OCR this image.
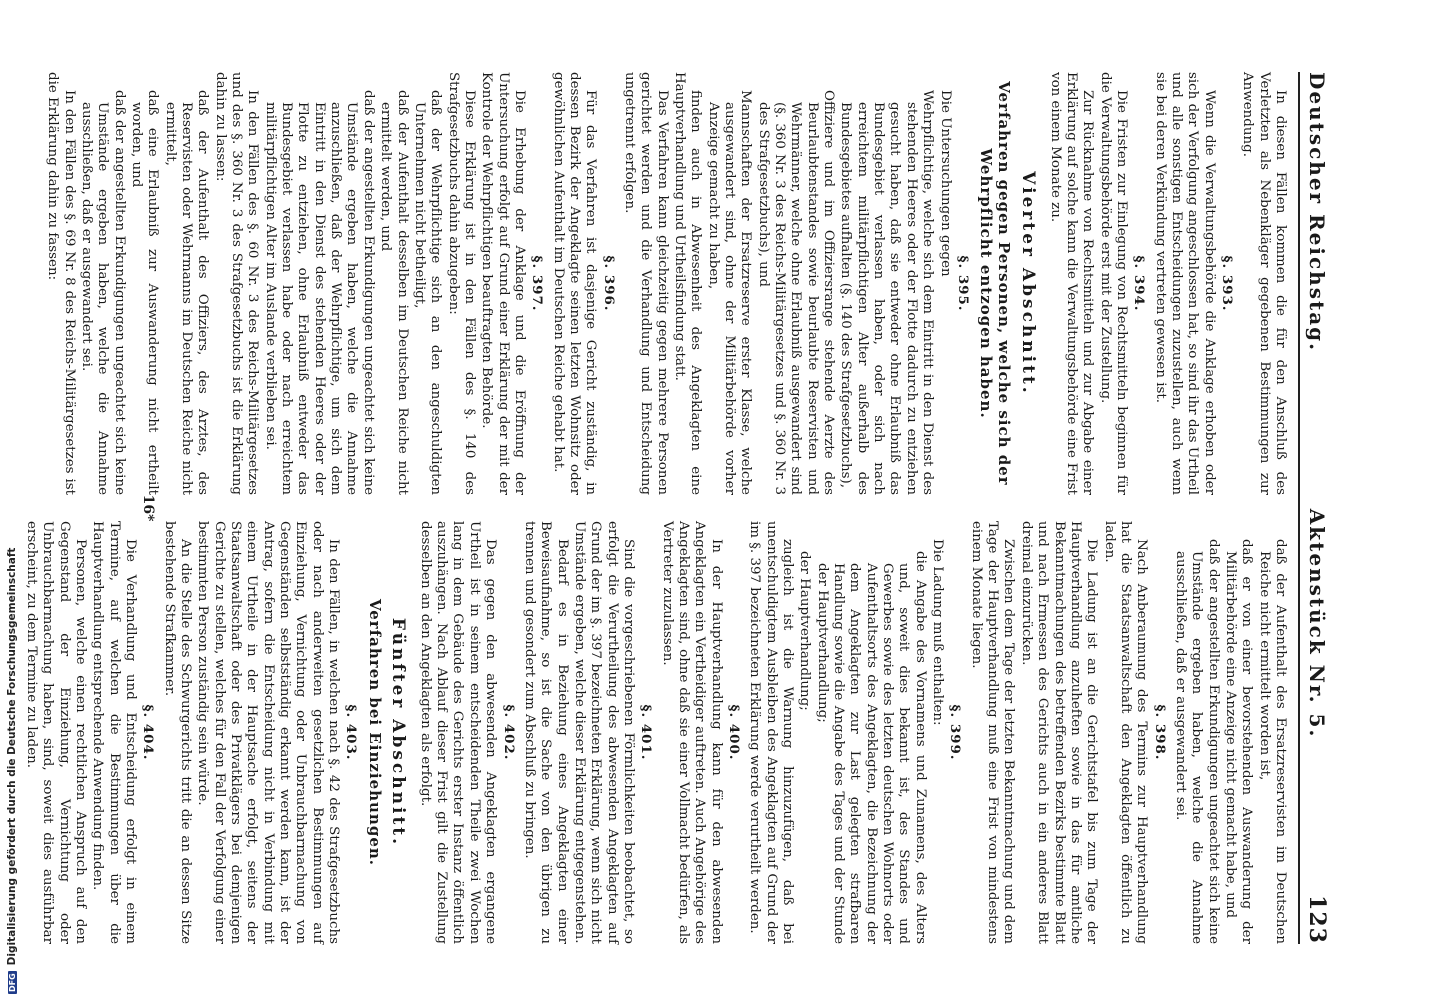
Deutscher Reichstag.
Aktenstück Nr. 5.
123

In diesen Fällen kommen die für den Anschluß des Verletzten als Nebenkläger gegebenen Bestimmungen zur Anwendung.

§. 393.

Wenn die Verwaltungsbehörde die Anklage erhoben oder sich der Verfolgung angeschlossen hat, so sind ihr das Urtheil und alle sonstigen Entscheidungen zuzustellen, auch wenn sie bei deren Verkündung vertreten gewesen ist.

§. 394.

Die Fristen zur Einlegung von Rechtsmitteln beginnen für die Verwaltungsbehörde erst mit der Zustellung.

Zur Rücknahme von Rechtsmitteln und zur Abgabe einer Erklärung auf solche kann die Verwaltungsbehörde eine Frist von einem Monate zu.

Vierter Abschnitt.

Verfahren gegen Personen, welche sich der Wehrpflicht entzogen haben.

§. 395.

Die Untersuchungen gegen

Wehrpflichtige, welche sich dem Eintritt in den Dienst des stehenden Heeres oder der Flotte dadurch zu entziehen gesucht haben, daß sie entweder ohne Erlaubniß das Bundesgebiet verlassen haben, oder sich nach erreichtem militärpflichtigen Alter außerhalb des Bundesgebietes aufhalten (§. 140 des Strafgesetzbuchs),

Offiziere und im Offiziersrange stehende Aerzte des Beurlaubtenstandes sowie beurlaubte Reservisten und Wehrmänner, welche ohne Erlaubniß ausgewandert sind (§. 360 Nr. 3 des Reichs-Militärgesetzes und §. 360 Nr. 3 des Strafgesetzbuchs), und

Mannschaften der Ersatzreserve erster Klasse, welche ausgewandert sind, ohne der Militärbehörde vorher Anzeige gemacht zu haben,

finden auch in Abwesenheit des Angeklagten eine Hauptverhandlung und Urtheilsfindung statt.

Das Verfahren kann gleichzeitig gegen mehrere Personen gerichtet werden und die Verhandlung und Entscheidung ungetrennt erfolgen.

§. 396.

Für das Verfahren ist dasjenige Gericht zuständig, in dessen Bezirk der Angeklagte seinen letzten Wohnsitz oder gewöhnlichen Aufenthalt im Deutschen Reiche gehabt hat.

§. 397.

Die Erhebung der Anklage und die Eröffnung der Untersuchung erfolgt auf Grund einer Erklärung der mit der Kontrole der Wehrpflichtigen beauftragten Behörde.

Diese Erklärung ist in den Fällen des §. 140 des Strafgesetzbuchs dahin abzugeben:

daß der Wehrpflichtige sich an den angeschuldigten Unternehmen nicht betheiligt,

daß der Aufenthalt desselben im Deutschen Reiche nicht ermittelt werden, und

daß der angestellten Erkundigungen ungeachtet sich keine Umstände ergeben haben, welche die Annahme anzuschließen, daß der Wehrpflichtige, um sich dem Eintritt in den Dienst des stehenden Heeres oder der Flotte zu entziehen, ohne Erlaubniß entweder das Bundesgebiet verlassen habe oder nach erreichtem militärpflichtigen Alter im Auslande verblieben sei.

In den Fällen des §. 60 Nr. 3 des Reichs-Militärgesetzes und des §. 360 Nr. 3 des Strafgesetzbuchs ist die Erklärung dahin zu lassen:

daß der Aufenthalt des Offiziers, des Arztes, des Reservisten oder Wehrmanns im Deutschen Reiche nicht ermittelt,

daß eine Erlaubniß zur Auswanderung nicht ertheilt worden, und

daß der angestellten Erkundigungen ungeachtet sich keine Umstände ergeben haben, welche die Annahme ausschließen, daß er ausgewandert sei.

In den Fällen des §. 69 Nr. 8 des Reichs-Militärgesetzes ist die Erklärung dahin zu fassen:

daß der Aufenthalt des Ersatzreservisten im Deutschen Reiche nicht ermittelt worden ist,

daß er von einer bevorstehenden Auswanderung der Militärbehörde eine Anzeige nicht gemacht habe, und

daß der angestellten Erkundigungen ungeachtet sich keine Umstände ergeben haben, welche die Annahme ausschließen, daß er ausgewandert sei.

§. 398.

Nach Anberaumung des Termins zur Hauptverhandlung hat die Staatsanwaltschaft den Angeklagten öffentlich zu laden.

Die Ladung ist an die Gerichtstafel bis zum Tage der Hauptverhandlung anzuheften sowie in das für amtliche Bekanntmachungen des betreffenden Bezirks bestimmte Blatt und nach Ermessen des Gerichts auch in ein anderes Blatt dreimal einzurücken.

Zwischen dem Tage der letzten Bekanntmachung und dem Tage der Hauptverhandlung muß eine Frist von mindestens einem Monate liegen.

§. 399.

Die Ladung muß enthalten:

die Angabe des Vornamens und Zunamens, des Alters und, soweit dies bekannt ist, des Standes und Gewerbes sowie des letzten deutschen Wohnorts oder Aufenthaltsorts des Angeklagten, die Bezeichnung der dem Angeklagten zur Last gelegten strafbaren Handlung sowie die Angabe des Tages und der Stunde der Hauptverhandlung;

der Hauptverhandlung;

zugleich ist die Warnung hinzuzufügen, daß bei unentschuldigtem Ausbleiben des Angeklagten auf Grund der im §. 397 bezeichneten Erklärung werde verurtheilt werden.

§. 400.

In der Hauptverhandlung kann für den abwesenden Angeklagten ein Vertheidiger auftreten. Auch Angehörige des Angeklagten sind, ohne daß sie einer Vollmacht bedürfen, als Vertreter zuzulassen.

§. 401.

Sind die vorgeschriebenen Förmlichkeiten beobachtet, so erfolgt die Verurtheilung des abwesenden Angeklagten auf Grund der im §. 397 bezeichneten Erklärung, wenn sich nicht Umstände ergeben, welche dieser Erklärung entgegenstehen.

Bedarf es in Beziehung eines Angeklagten einer Beweisaufnahme, so ist die Sache von den übrigen zu trennen und gesondert zum Abschluß zu bringen.

§. 402.

Das gegen den abwesenden Angeklagten ergangene Urtheil ist in seinem entscheidenden Theile zwei Wochen lang in dem Gebäude des Gerichts erster Instanz öffentlich auszuhängen. Nach Ablauf dieser Frist gilt die Zustellung desselben an den Angeklagten als erfolgt.

Fünfter Abschnitt.

Verfahren bei Einziehungen.

§. 403.

In den Fällen, in welchen nach §. 42 des Strafgesetzbuchs oder nach anderweiten gesetzlichen Bestimmungen auf Einziehung, Vernichtung oder Unbrauchbarmachung von Gegenständen selbstständig erkannt werden kann, ist der Antrag, sofern die Entscheidung nicht in Verbindung mit einem Urtheile in der Hauptsache erfolgt, seitens der Staatsanwaltschaft oder des Privatklägers bei demjenigen Gerichte zu stellen, welches für den Fall der Verfolgung einer bestimmten Person zuständig sein würde.

An die Stelle des Schwurgerichts tritt die an dessen Sitze bestehende Strafkammer.

§. 404.

Die Verhandlung und Entscheidung erfolgt in einem Termine, auf welchen die Bestimmungen über die Hauptverhandlung entsprechende Anwendung finden.

Personen, welche einen rechtlichen Anspruch auf den Gegenstand der Einziehung, Vernichtung oder Unbrauchbarmachung haben, sind, soweit dies ausführbar erscheint, zu dem Termine zu laden.

16*
DFGDigitalisierung gefördert durch die Deutsche Forschungsgemeinschaft
